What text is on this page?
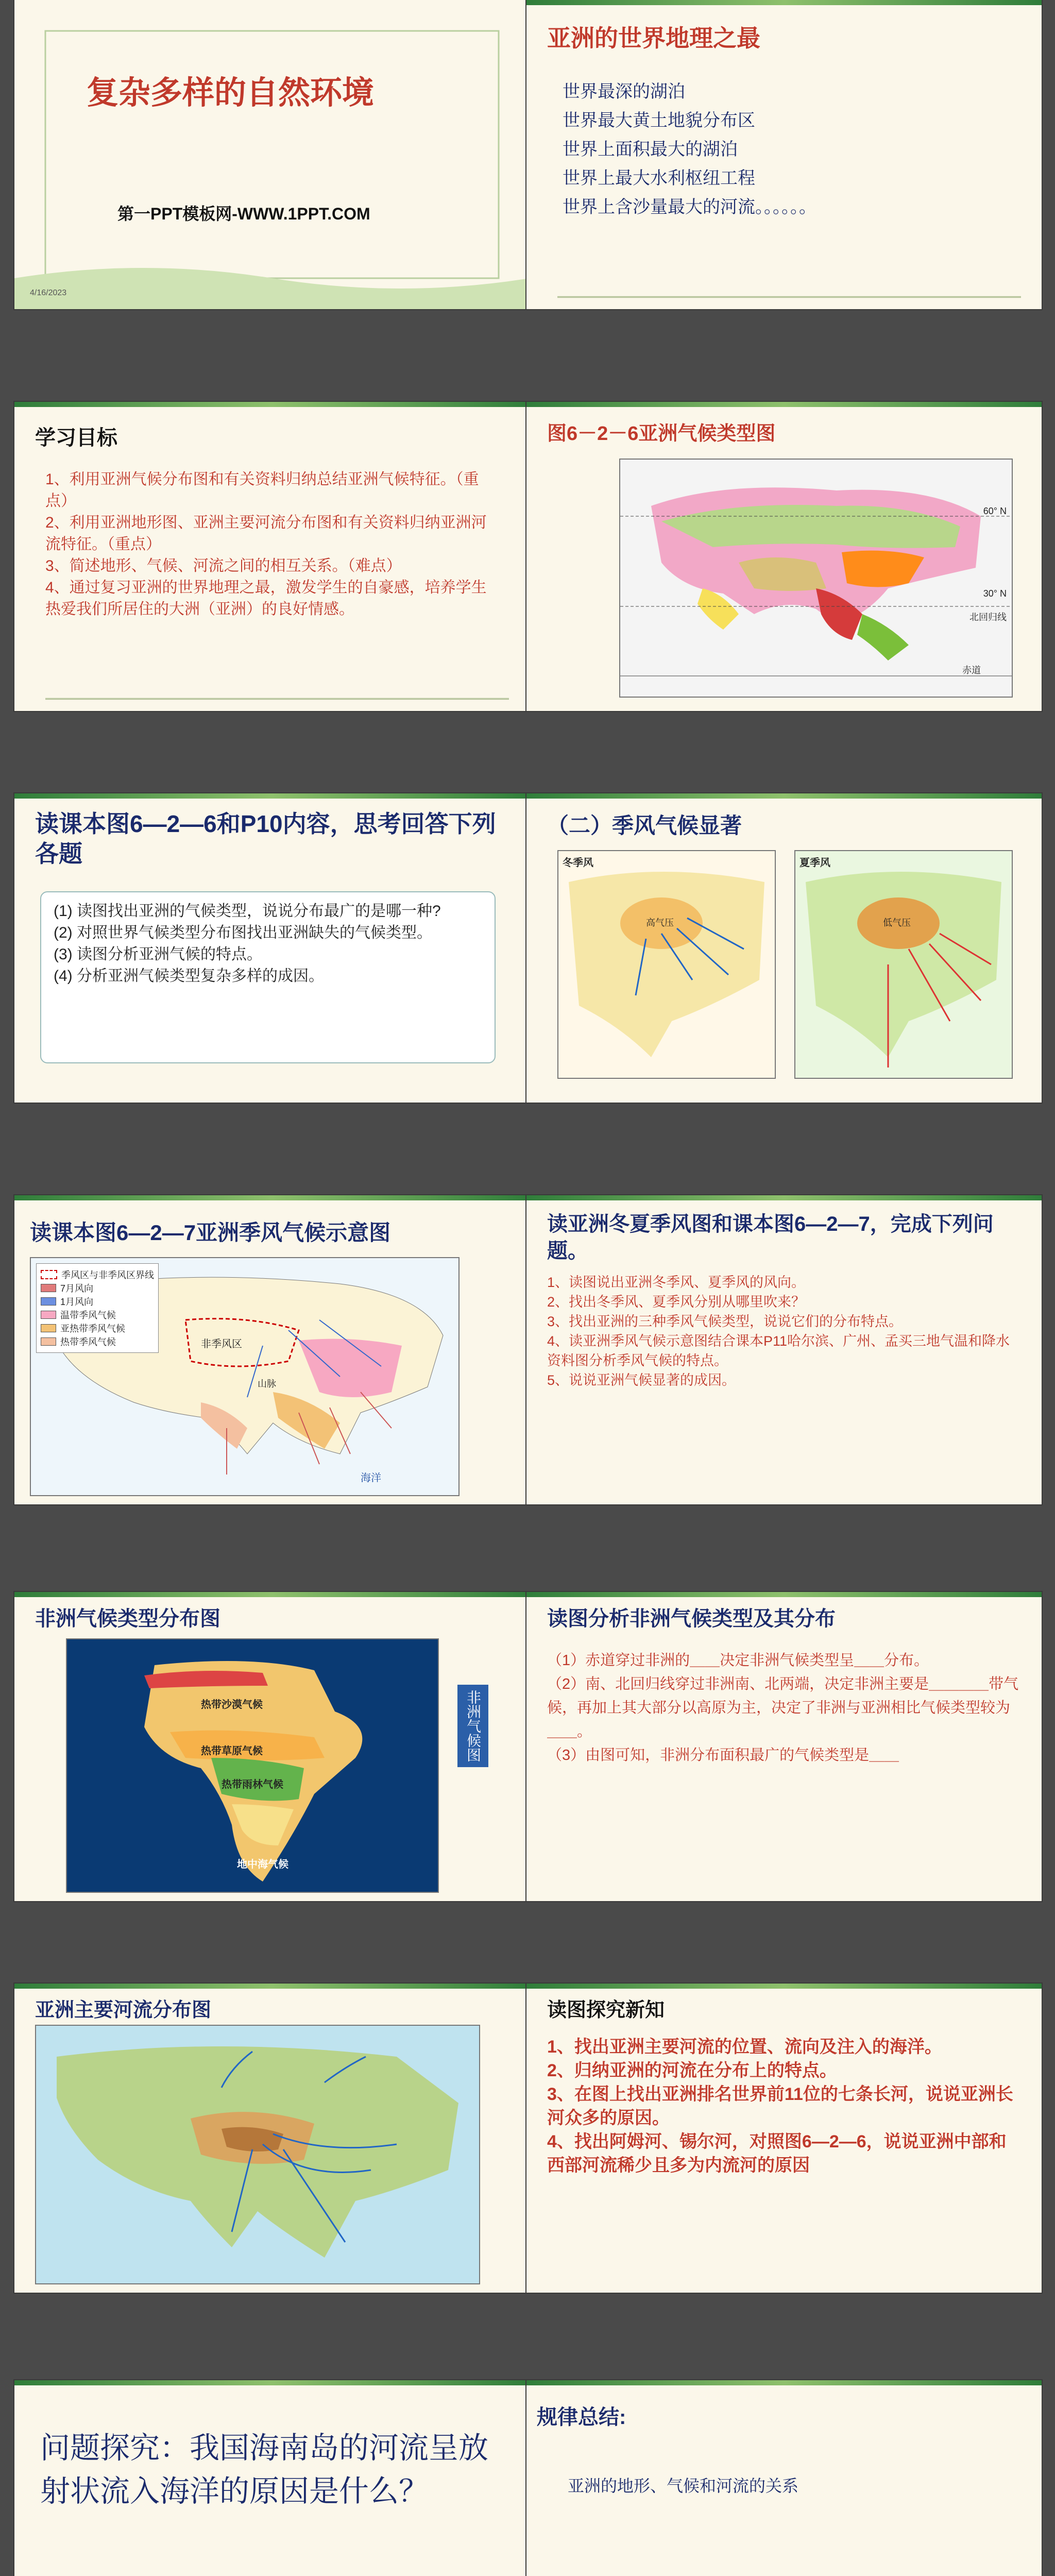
复杂多样的自然环境
第一PPT模板网-WWW.1PPT.COM
4/16/2023
亚洲的世界地理之最
世界最深的湖泊
世界最大黄土地貌分布区
世界上面积最大的湖泊
世界上最大水利枢纽工程
世界上含沙量最大的河流。。。。。。
学习目标
1、利用亚洲气候分布图和有关资料归纳总结亚洲气候特征。（重点）
2、利用亚洲地形图、亚洲主要河流分布图和有关资料归纳亚洲河流特征。（重点）
3、简述地形、气候、河流之间的相互关系。（难点）
4、通过复习亚洲的世界地理之最，激发学生的自豪感，培养学生热爱我们所居住的大洲（亚洲）的良好情感。
图6－2－6亚洲气候类型图
60° N
30° N
北回归线
赤道
读课本图6—2—6和P10内容，思考回答下列各题
(1) 读图找出亚洲的气候类型，说说分布最广的是哪一种?
(2) 对照世界气候类型分布图找出亚洲缺失的气候类型。
(3) 读图分析亚洲气候的特点。
(4) 分析亚洲气候类型复杂多样的成因。
（二）季风气候显著
冬季风
高气压
夏季风
低气压
读课本图6—2—7亚洲季风气候示意图
季风区与非季风区界线
7月风向
1月风向
温带季风气候
亚热带季风气候
热带季风气候	非季风区
海洋
山脉
读亚洲冬夏季风图和课本图6—2—7，完成下列问题。
1、读图说出亚洲冬季风、夏季风的风向。
2、找出冬季风、夏季风分别从哪里吹来？
3、找出亚洲的三种季风气候类型，说说它们的分布特点。
4、读亚洲季风气候示意图结合课本P11哈尔滨、广州、孟买三地气温和降水资料图分析季风气候的特点。
5、说说亚洲气候显著的成因。
非洲气候类型分布图
热带沙漠气候
热带草原气候
热带雨林气候
地中海气候
非洲气候图
读图分析非洲气候类型及其分布
（1）赤道穿过非洲的＿＿决定非洲气候类型呈＿＿分布。
（2）南、北回归线穿过非洲南、北两端，决定非洲主要是＿＿＿＿带气候，再加上其大部分以高原为主，决定了非洲与亚洲相比气候类型较为＿＿。
（3）由图可知，非洲分布面积最广的气候类型是＿＿
亚洲主要河流分布图	读图探究新知
1、找出亚洲主要河流的位置、流向及注入的海洋。
2、归纳亚洲的河流在分布上的特点。
3、在图上找出亚洲排名世界前11位的七条长河，说说亚洲长河众多的原因。
4、找出阿姆河、锡尔河，对照图6—2—6，说说亚洲中部和西部河流稀少且多为内流河的原因
问题探究：我国海南岛的河流呈放射状流入海洋的原因是什么？
规律总结:
亚洲的地形、气候和河流的关系
